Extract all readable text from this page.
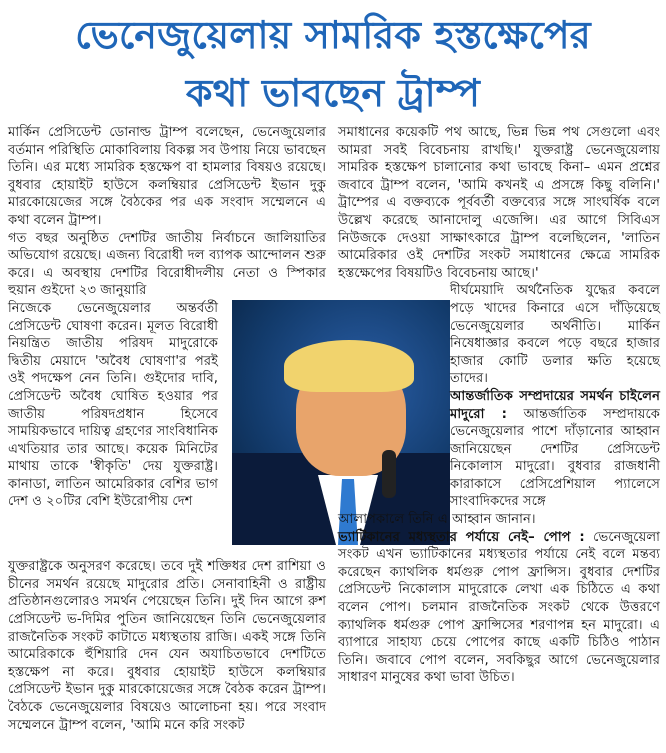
ভেনেজুয়েলায় সামরিক হস্তক্ষেপের
কথা ভাবছেন ট্রাম্প

মার্কিন প্রেসিডেন্ট ডোনাল্ড ট্রাম্প বলেছেন, ভেনেজুয়েলার বর্তমান পরিস্থিতি মোকাবিলায় বিকল্প সব উপায় নিয়ে ভাবছেন তিনি। এর মধ্যে সামরিক হস্তক্ষেপ বা হামলার বিষয়ও রয়েছে। বুধবার হোয়াইট হাউসে কলম্বিয়ার প্রেসিডেন্ট ইভান দুকু মারকোয়েজের সঙ্গে বৈঠকের পর এক সংবাদ সম্মেলনে এ কথা বলেন ট্রাম্প।

গত বছর অনুষ্ঠিত দেশটির জাতীয় নির্বাচনে জালিয়াতির অভিযোগ রয়েছে। এজন্য বিরোধী দল ব্যাপক আন্দোলন শুরু করে। এ অবস্থায় দেশটির বিরোধীদলীয় নেতা ও স্পিকার হুয়ান গুইদো ২৩ জানুয়ারি

নিজেকে ভেনেজুয়েলার অন্তর্বর্তী প্রেসিডেন্ট ঘোষণা করেন। মূলত বিরোধী নিয়ন্ত্রিত জাতীয় পরিষদ মাদুরোকে দ্বিতীয় মেয়াদে 'অবৈধ ঘোষণা'র পরই ওই পদক্ষেপ নেন তিনি। গুইদোর দাবি, প্রেসিডেন্ট অবৈধ ঘোষিত হওয়ার পর জাতীয় পরিষদপ্রধান হিসেবে সাময়িকভাবে দায়িত্ব গ্রহণের সাংবিধানিক এখতিয়ার তার আছে। কয়েক মিনিটের মাথায় তাকে 'স্বীকৃতি' দেয় যুক্তরাষ্ট্র। কানাডা, লাতিন আমেরিকার বেশির ভাগ দেশ ও ২০টির বেশি ইউরোপীয় দেশ

সমাধানের কয়েকটি পথ আছে, ভিন্ন ভিন্ন পথ সেগুলো এবং আমরা সবই বিবেচনায় রাখছি।' যুক্তরাষ্ট্র ভেনেজুয়েলায় সামরিক হস্তক্ষেপ চালানোর কথা ভাবছে কিনা– এমন প্রশ্নের জবাবে ট্রাম্প বলেন, 'আমি কখনই এ প্রসঙ্গে কিছু বলিনি।' ট্রাম্পের এ বক্তব্যকে পূর্ববর্তী বক্তব্যের সঙ্গে সাংঘর্ষিক বলে উল্লেখ করেছে আনাদোলু এজেন্সি। এর আগে সিবিএস নিউজকে দেওয়া সাক্ষাৎকারে ট্রাম্প বলেছিলেন, 'লাতিন আমেরিকার ওই দেশটির সংকট সমাধানের ক্ষেত্রে সামরিক হস্তক্ষেপের বিষয়টিও বিবেচনায় আছে।'

দীর্ঘমেয়াদি অর্থনৈতিক যুদ্ধের কবলে পড়ে খাদের কিনারে এসে দাঁড়িয়েছে ভেনেজুয়েলার অর্থনীতি। মার্কিন নিষেধাজ্ঞার কবলে পড়ে বছরে হাজার হাজার কোটি ডলার ক্ষতি হয়েছে তাদের।

আন্তর্জাতিক সম্প্রদায়ের সমর্থন চাইলেন মাদুরো : আন্তর্জাতিক সম্প্রদায়কে ভেনেজুয়েলার পাশে দাঁড়ানোর আহ্বান জানিয়েছেন দেশটির প্রেসিডেন্ট নিকোলাস মাদুরো। বুধবার রাজধানী কারাকাসে প্রেসিপ্রেশিয়াল প্যালেসে সাংবাদিকদের সঙ্গে

আলাপকালে তিনি এ আহ্বান জানান।

ভ্যাটিকানের মধ্যস্থতার পর্যায়ে নেই– পোপ : ভেনেজুয়েলা সংকট এখন ভ্যাটিকানের মধ্যস্থতার পর্যায়ে নেই বলে মন্তব্য করেছেন ক্যাথলিক ধর্মগুরু পোপ ফ্রান্সিস। বুধবার দেশটির প্রেসিডেন্ট নিকোলাস মাদুরোকে লেখা এক চিঠিতে এ কথা বলেন পোপ। চলমান রাজনৈতিক সংকট থেকে উত্তরণে ক্যাথলিক ধর্মগুরু পোপ ফ্রান্সিসের শরণাপন্ন হন মাদুরো। এ ব্যাপারে সাহায্য চেয়ে পোপের কাছে একটি চিঠিও পাঠান তিনি। জবাবে পোপ বলেন, সবকিছুর আগে ভেনেজুয়েলার সাধারণ মানুষের কথা ভাবা উচিত।

যুক্তরাষ্ট্রকে অনুসরণ করেছে। তবে দুই শক্তিধর দেশ রাশিয়া ও চীনের সমর্থন রয়েছে মাদুরোর প্রতি। সেনাবাহিনী ও রাষ্ট্রীয় প্রতিষ্ঠানগুলোরও সমর্থন পেয়েছেন তিনি। দুই দিন আগে রুশ প্রেসিডেন্ট ভ-দিমির পুতিন জানিয়েছেন তিনি ভেনেজুয়েলার রাজনৈতিক সংকট কাটাতে মধ্যস্থতায় রাজি। একই সঙ্গে তিনি আমেরিকাকে হুঁশিয়ারি দেন যেন অযাচিতভাবে দেশটিতে হস্তক্ষেপ না করে। বুধবার হোয়াইট হাউসে কলম্বিয়ার প্রেসিডেন্ট ইভান দুকু মারকোয়েজের সঙ্গে বৈঠক করেন ট্রাম্প। বৈঠকে ভেনেজুয়েলার বিষয়েও আলোচনা হয়। পরে সংবাদ সম্মেলনে ট্রাম্প বলেন, 'আমি মনে করি সংকট
